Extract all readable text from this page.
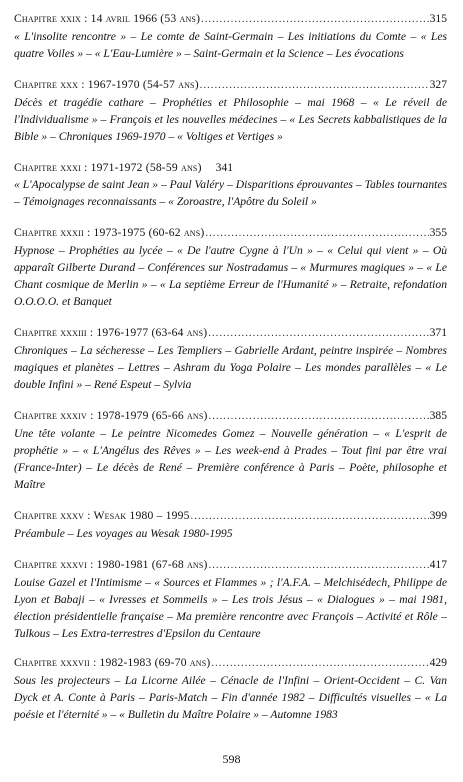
Chapitre xxix : 14 avril 1966 (53 ans) .....	315
« L'insolite rencontre » – Le comte de Saint-Germain – Les initiations du Comte – « Les quatre Voiles » – « L'Eau-Lumière » – Saint-Germain et la Science – Les évocations
Chapitre xxx : 1967-1970 (54-57 ans) .....	327
Décès et tragédie cathare – Prophéties et Philosophie – mai 1968 – « Le réveil de l'Individualisme » – François et les nouvelles médecines – « Les Secrets kabbalistiques de la Bible » – Chroniques 1969-1970 – « Voltiges et Vertiges »
Chapitre xxxi : 1971-1972 (58-59 ans) 341
« L'Apocalypse de saint Jean » – Paul Valéry – Disparitions éprouvantes – Tables tournantes – Témoignages reconnaissants – « Zoroastre, l'Apôtre du Soleil »
Chapitre xxxii : 1973-1975 (60-62 ans) .....	355
Hypnose – Prophéties au lycée – « De l'autre Cygne à l'Un » – « Celui qui vient » – Où apparaît Gilberte Durand – Conférences sur Nostradamus – « Murmures magiques » – « Le Chant cosmique de Merlin » – « La septième Erreur de l'Humanité » – Retraite, refondation O.O.O.O. et Banquet
Chapitre xxxiii : 1976-1977 (63-64 ans) .....	371
Chroniques – La sécheresse – Les Templiers – Gabrielle Ardant, peintre inspirée – Nombres magiques et planètes – Lettres – Ashram du Yoga Polaire – Les mondes parallèles – « Le double Infini » – René Espeut – Sylvia
Chapitre xxxiv : 1978-1979 (65-66 ans) .....	385
Une tête volante – Le peintre Nicomedes Gomez – Nouvelle génération – « L'esprit de prophétie » – « L'Angélus des Rêves » – Les week-end à Prades – Tout fini par être vrai (France-Inter) – Le décès de René – Première conférence à Paris – Poète, philosophe et Maître
Chapitre xxxv : Wesak 1980 – 1995 .....	399
Préambule – Les voyages au Wesak 1980-1995
Chapitre xxxvi : 1980-1981 (67-68 ans) .....	417
Louise Gazel et l'Intimisme – « Sources et Flammes » ; l'A.F.A. – Melchisédech, Philippe de Lyon et Babaji – « Ivresses et Sommeils » – Les trois Jésus – « Dialogues » – mai 1981, élection présidentielle française – Ma première rencontre avec François – Activité et Rôle – Tulkous – Les Extra-terrestres d'Epsilon du Centaure
Chapitre xxxvii : 1982-1983 (69-70 ans) .....	429
Sous les projecteurs – La Licorne Ailée – Cénacle de l'Infini – Orient-Occident – C. Van Dyck et A. Conte à Paris – Paris-Match – Fin d'année 1982 – Difficultés visuelles – « La poésie et l'éternité » – « Bulletin du Maître Polaire » – Automne 1983
598
